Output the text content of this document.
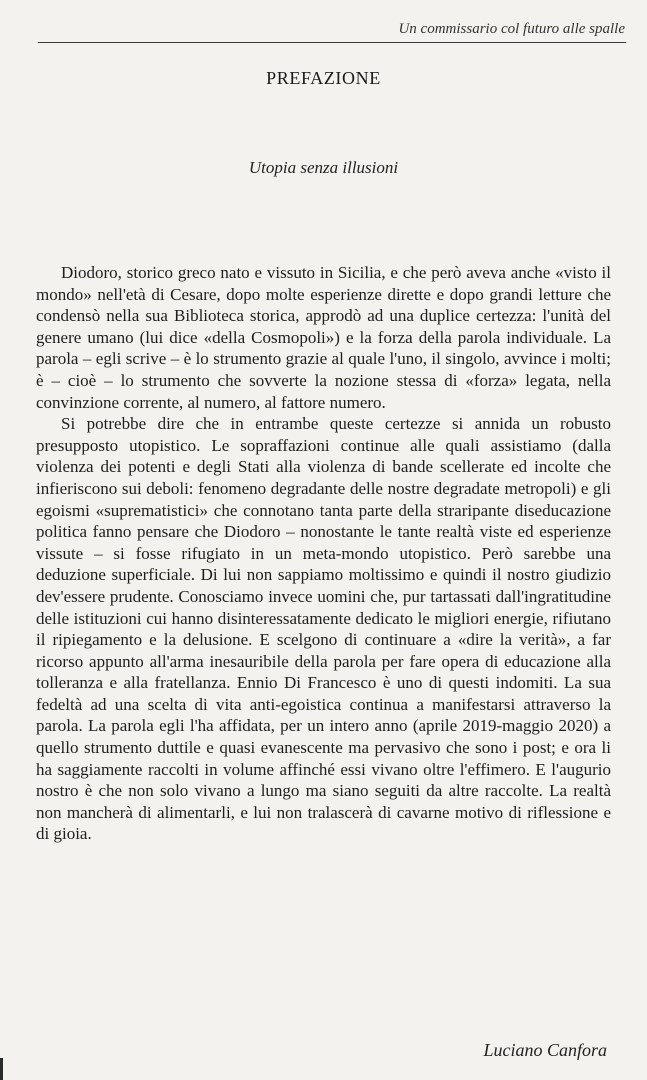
Un commissario col futuro alle spalle
PREFAZIONE
Utopia senza illusioni

Diodoro, storico greco nato e vissuto in Sicilia, e che però aveva anche «visto il mondo» nell'età di Cesare, dopo molte esperienze dirette e dopo grandi letture che condensò nella sua Biblioteca storica, approdò ad una duplice certezza: l'unità del genere umano (lui dice «della Cosmopoli») e la forza della parola individuale. La parola – egli scrive – è lo strumento grazie al quale l'uno, il singolo, avvince i molti; è – cioè – lo strumento che sovverte la nozione stessa di «forza» legata, nella convinzione corrente, al numero, al fattore numero.

Si potrebbe dire che in entrambe queste certezze si annida un robusto presupposto utopistico. Le sopraffazioni continue alle quali assistiamo (dalla violenza dei potenti e degli Stati alla violenza di bande scellerate ed incolte che infieriscono sui deboli: fenomeno degradante delle nostre degradate metropoli) e gli egoismi «suprematistici» che connotano tanta parte della straripante diseducazione politica fanno pensare che Diodoro – nonostante le tante realtà viste ed esperienze vissute – si fosse rifugiato in un meta-mondo utopistico. Però sarebbe una deduzione superficiale. Di lui non sappiamo moltissimo e quindi il nostro giudizio dev'essere prudente. Conosciamo invece uomini che, pur tartassati dall'ingratitudine delle istituzioni cui hanno disinteressatamente dedicato le migliori energie, rifiutano il ripiegamento e la delusione. E scelgono di continuare a «dire la verità», a far ricorso appunto all'arma inesauribile della parola per fare opera di educazione alla tolleranza e alla fratellanza. Ennio Di Francesco è uno di questi indomiti. La sua fedeltà ad una scelta di vita anti-egoistica continua a manifestarsi attraverso la parola. La parola egli l'ha affidata, per un intero anno (aprile 2019-maggio 2020) a quello strumento duttile e quasi evanescente ma pervasivo che sono i post; e ora li ha saggiamente raccolti in volume affinché essi vivano oltre l'effimero. E l'augurio nostro è che non solo vivano a lungo ma siano seguiti da altre raccolte. La realtà non mancherà di alimentarli, e lui non tralascerà di cavarne motivo di riflessione e di gioia.

Luciano Canfora
